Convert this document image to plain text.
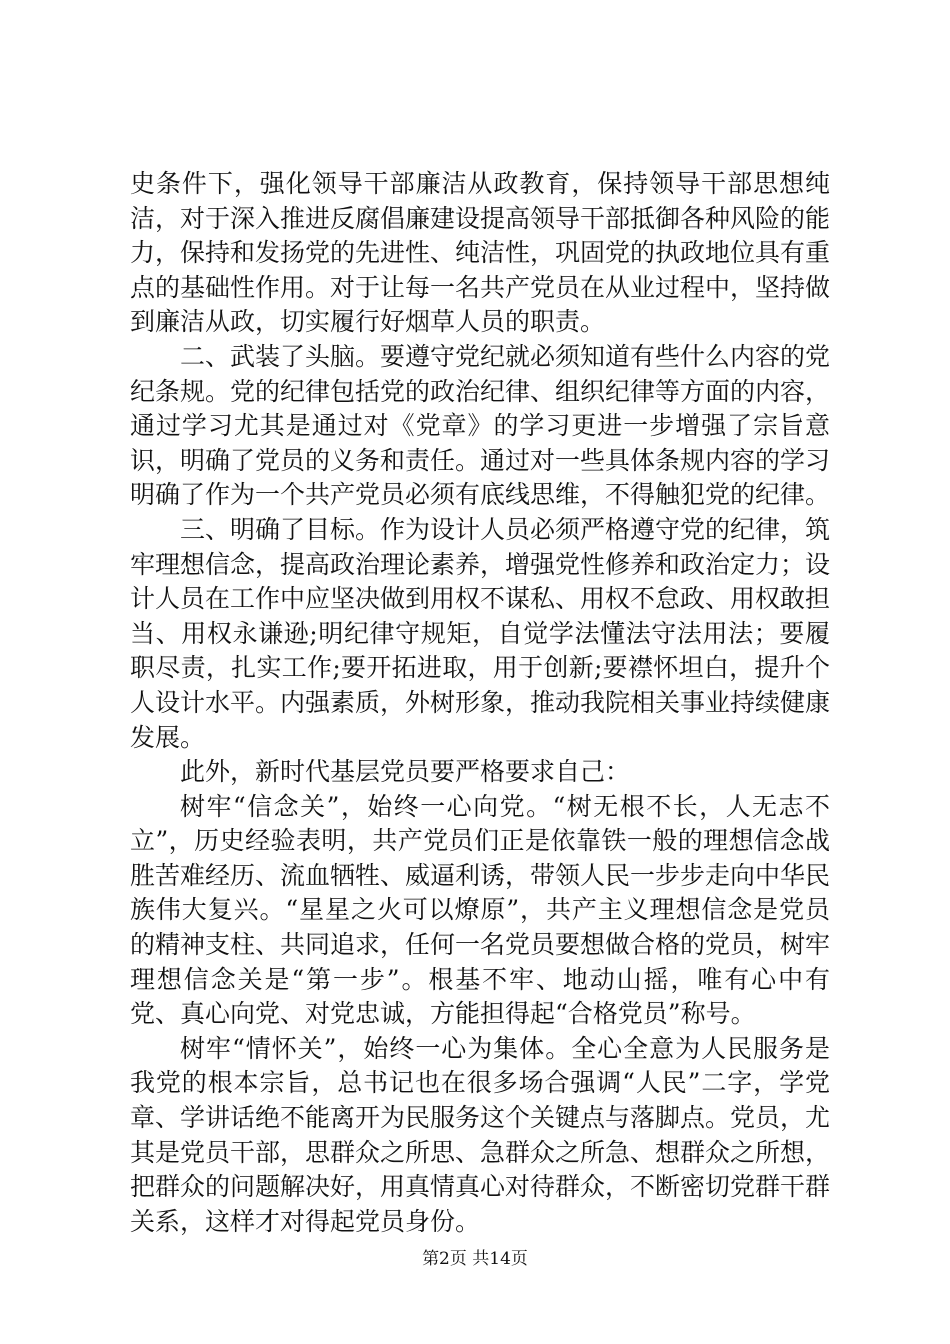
史条件下，强化领导干部廉洁从政教育，保持领导干部思想纯洁，对于深入推进反腐倡廉建设提高领导干部抵御各种风险的能力，保持和发扬党的先进性、纯洁性，巩固党的执政地位具有重点的基础性作用。对于让每一名共产党员在从业过程中，坚持做到廉洁从政，切实履行好烟草人员的职责。

二、武装了头脑。要遵守党纪就必须知道有些什么内容的党纪条规。党的纪律包括党的政治纪律、组织纪律等方面的内容，通过学习尤其是通过对《党章》的学习更进一步增强了宗旨意识，明确了党员的义务和责任。通过对一些具体条规内容的学习明确了作为一个共产党员必须有底线思维，不得触犯党的纪律。

三、明确了目标。作为设计人员必须严格遵守党的纪律，筑牢理想信念，提高政治理论素养，增强党性修养和政治定力；设计人员在工作中应坚决做到用权不谋私、用权不怠政、用权敢担当、用权永谦逊;明纪律守规矩，自觉学法懂法守法用法；要履职尽责，扎实工作;要开拓进取，用于创新;要襟怀坦白，提升个人设计水平。内强素质，外树形象，推动我院相关事业持续健康发展。

此外，新时代基层党员要严格要求自己：

树牢“信念关”，始终一心向党。“树无根不长，人无志不立”，历史经验表明，共产党员们正是依靠铁一般的理想信念战胜苦难经历、流血牺牲、威逼利诱，带领人民一步步走向中华民族伟大复兴。“星星之火可以燎原”，共产主义理想信念是党员的精神支柱、共同追求，任何一名党员要想做合格的党员，树牢理想信念关是“第一步”。根基不牢、地动山摇，唯有心中有党、真心向党、对党忠诚，方能担得起“合格党员”称号。

树牢“情怀关”，始终一心为集体。全心全意为人民服务是我党的根本宗旨，总书记也在很多场合强调“人民”二字，学党章、学讲话绝不能离开为民服务这个关键点与落脚点。党员，尤其是党员干部，思群众之所思、急群众之所急、想群众之所想，把群众的问题解决好，用真情真心对待群众，不断密切党群干群关系，这样才对得起党员身份。

第2页 共14页
